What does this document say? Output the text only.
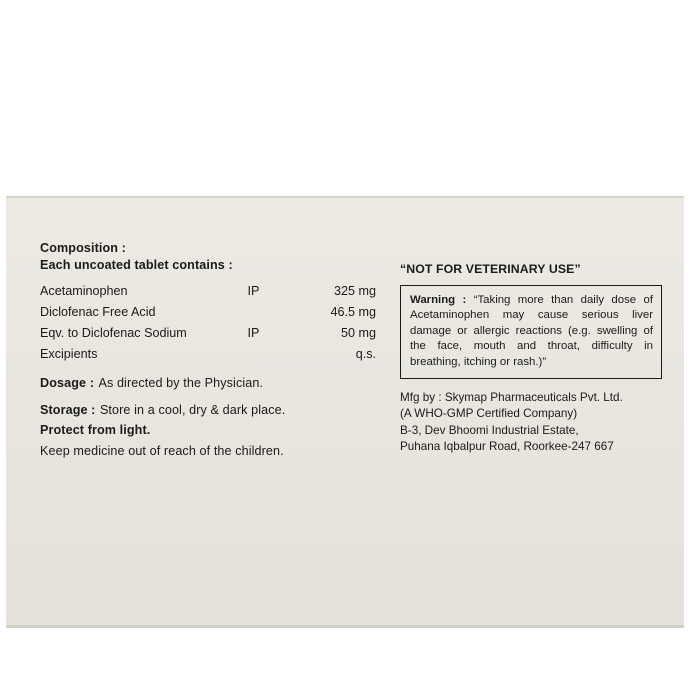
Composition :
Each uncoated tablet contains :
Acetaminophen	IP	325 mg
Diclofenac Free Acid		46.5 mg
Eqv. to Diclofenac Sodium	IP	50 mg
Excipients		q.s.
Dosage : As directed by the Physician.
Storage : Store in a cool, dry & dark place.
Protect from light.
Keep medicine out of reach of the children.
“NOT FOR VETERINARY USE”

Warning : “Taking more than daily dose of Acetaminophen may cause serious liver damage or allergic reactions (e.g. swelling of the face, mouth and throat, difficulty in breathing, itching or rash.)”

Mfg by : Skymap Pharmaceuticals Pvt. Ltd.
(A WHO-GMP Certified Company)
B-3, Dev Bhoomi Industrial Estate,
Puhana Iqbalpur Road, Roorkee-247 667
